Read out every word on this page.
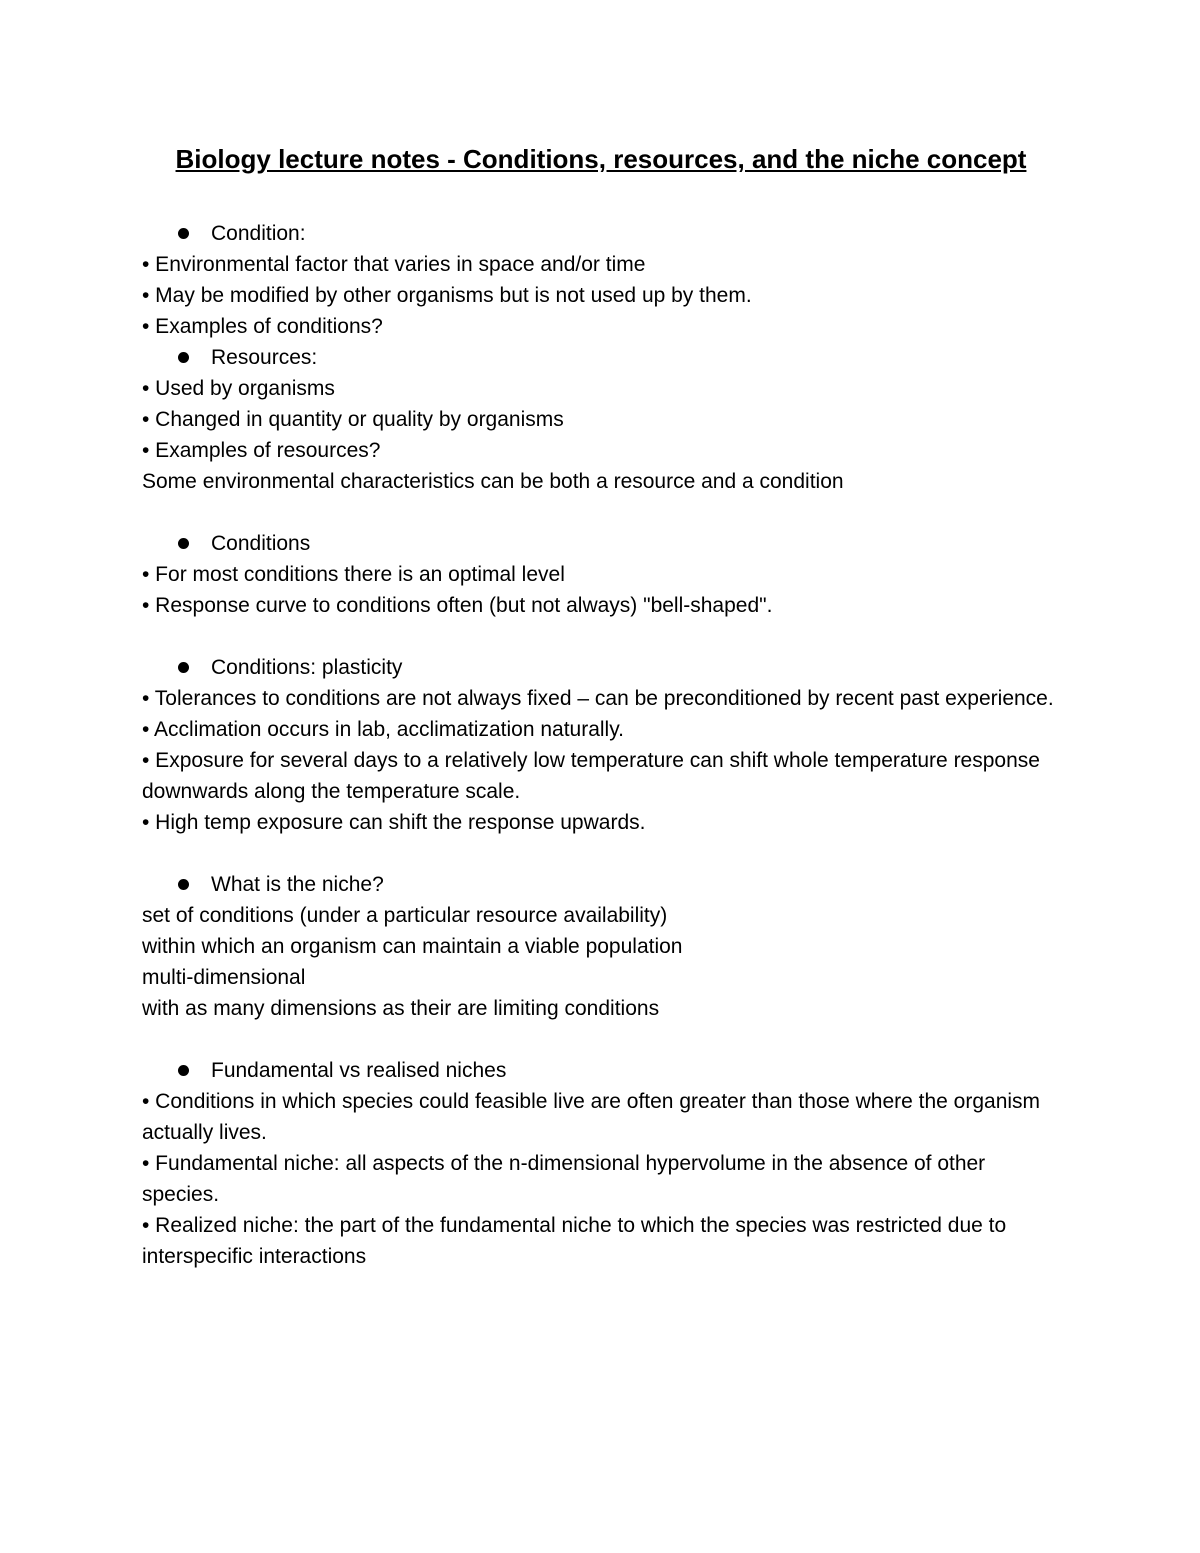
Biology lecture notes - Conditions, resources, and the niche concept
Condition:

• Environmental factor that varies in space and/or time

• May be modified by other organisms but is not used up by them.

• Examples of conditions?

Resources:

• Used by organisms

• Changed in quantity or quality by organisms

• Examples of resources?

Some environmental characteristics can be both a resource and a condition

Conditions

• For most conditions there is an optimal level

• Response curve to conditions often (but not always) "bell-shaped".

Conditions: plasticity

• Tolerances to conditions are not always fixed – can be preconditioned by recent past experience.

• Acclimation occurs in lab, acclimatization naturally.

• Exposure for several days to a relatively low temperature can shift whole temperature response downwards along the temperature scale.

• High temp exposure can shift the response upwards.

What is the niche?

set of conditions (under a particular resource availability)

within which an organism can maintain a viable population

multi-dimensional

with as many dimensions as their are limiting conditions

Fundamental vs realised niches

• Conditions in which species could feasible live are often greater than those where the organism actually lives.

• Fundamental niche: all aspects of the n-dimensional hypervolume in the absence of other species.

• Realized niche: the part of the fundamental niche to which the species was restricted due to interspecific interactions
